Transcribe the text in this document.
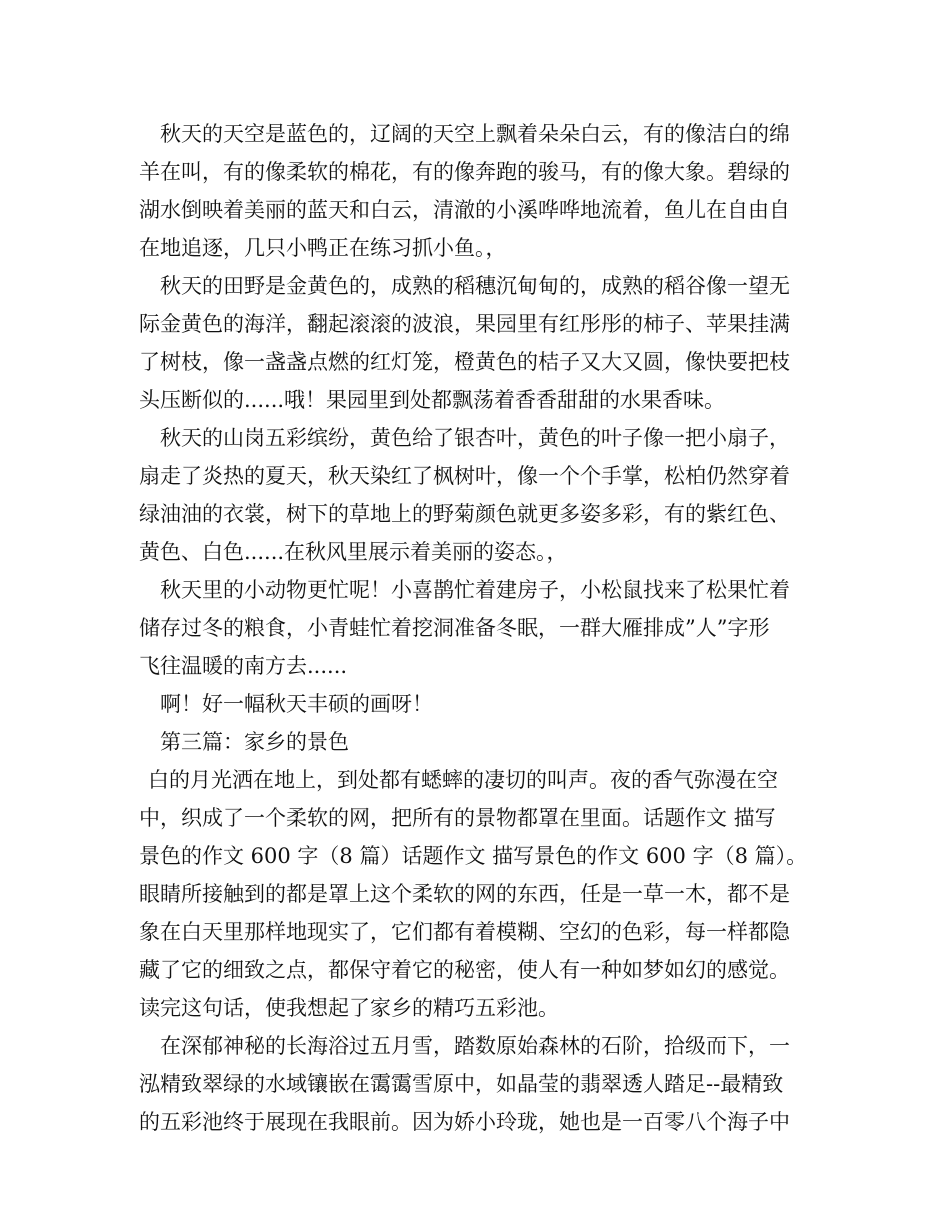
秋天的天空是蓝色的，辽阔的天空上飘着朵朵白云，有的像洁白的绵
羊在叫，有的像柔软的棉花，有的像奔跑的骏马，有的像大象。碧绿的
湖水倒映着美丽的蓝天和白云，清澈的小溪哗哗地流着，鱼儿在自由自
在地追逐，几只小鸭正在练习抓小鱼。，
秋天的田野是金黄色的，成熟的稻穗沉甸甸的，成熟的稻谷像一望无
际金黄色的海洋，翻起滚滚的波浪，果园里有红彤彤的柿子、苹果挂满
了树枝，像一盏盏点燃的红灯笼，橙黄色的桔子又大又圆，像快要把枝
头压断似的......哦！果园里到处都飘荡着香香甜甜的水果香味。
秋天的山岗五彩缤纷，黄色给了银杏叶，黄色的叶子像一把小扇子，
扇走了炎热的夏天，秋天染红了枫树叶，像一个个手掌，松柏仍然穿着
绿油油的衣裳，树下的草地上的野菊颜色就更多姿多彩，有的紫红色、
黄色、白色......在秋风里展示着美丽的姿态。，
秋天里的小动物更忙呢！小喜鹊忙着建房子，小松鼠找来了松果忙着
储存过冬的粮食，小青蛙忙着挖洞准备冬眠，一群大雁排成”人”字形
飞往温暖的南方去......
啊！好一幅秋天丰硕的画呀！
第三篇：家乡的景色
白的月光洒在地上，到处都有蟋蟀的凄切的叫声。夜的香气弥漫在空
中，织成了一个柔软的网，把所有的景物都罩在里面。话题作文 描写
景色的作文 600 字（8 篇）话题作文 描写景色的作文 600 字（8 篇）。
眼睛所接触到的都是罩上这个柔软的网的东西，任是一草一木，都不是
象在白天里那样地现实了，它们都有着模糊、空幻的色彩，每一样都隐
藏了它的细致之点，都保守着它的秘密，使人有一种如梦如幻的感觉。
读完这句话，使我想起了家乡的精巧五彩池。
在深郁神秘的长海浴过五月雪，踏数原始森林的石阶，拾级而下，一
泓精致翠绿的水域镶嵌在霭霭雪原中，如晶莹的翡翠透人踏足--最精致
的五彩池终于展现在我眼前。因为娇小玲珑，她也是一百零八个海子中
